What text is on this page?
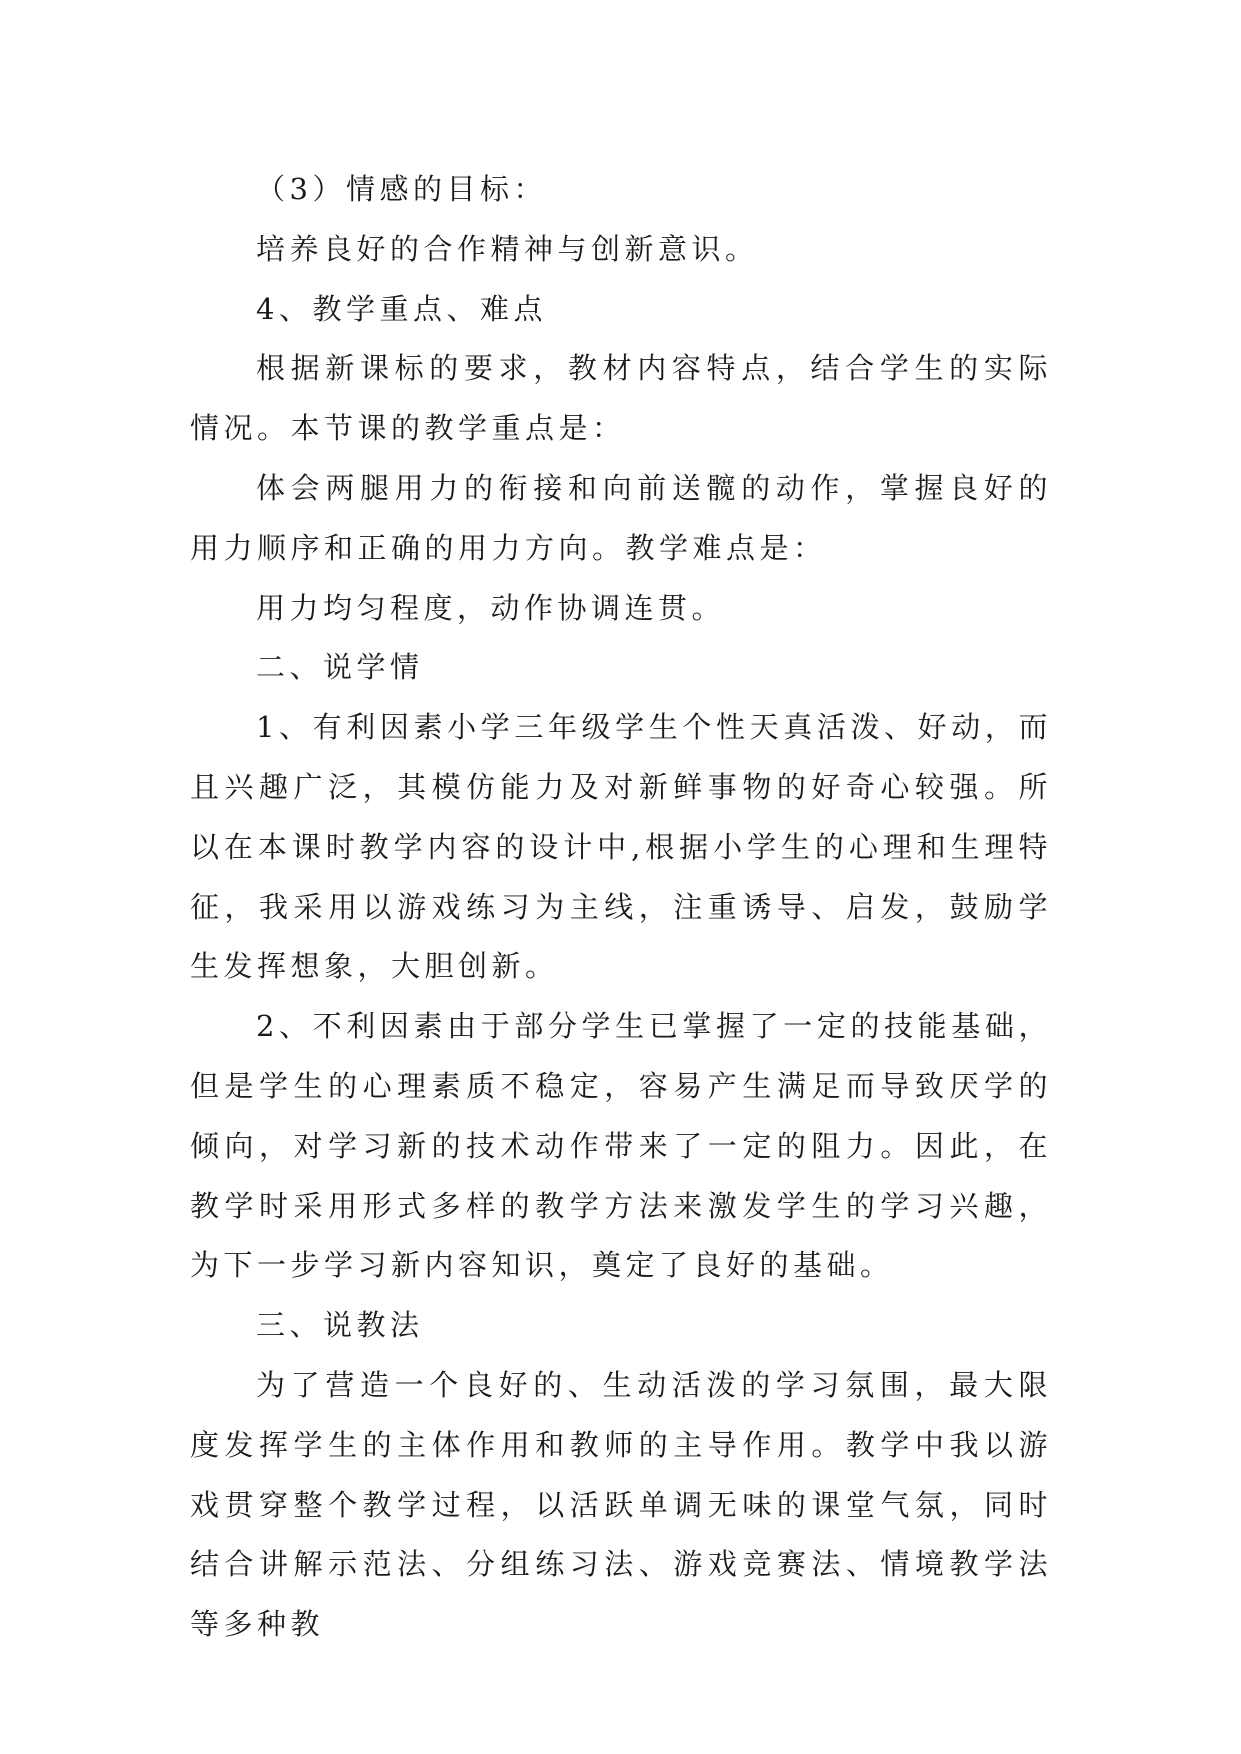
（3）情感的目标：

培养良好的合作精神与创新意识。

4、教学重点、难点

根据新课标的要求，教材内容特点，结合学生的实际情况。本节课的教学重点是：

体会两腿用力的衔接和向前送髋的动作，掌握良好的用力顺序和正确的用力方向。教学难点是：

用力均匀程度，动作协调连贯。

二、说学情

1、有利因素小学三年级学生个性天真活泼、好动，而且兴趣广泛，其模仿能力及对新鲜事物的好奇心较强。所以在本课时教学内容的设计中,根据小学生的心理和生理特征，我采用以游戏练习为主线，注重诱导、启发，鼓励学生发挥想象，大胆创新。

2、不利因素由于部分学生已掌握了一定的技能基础，但是学生的心理素质不稳定，容易产生满足而导致厌学的倾向，对学习新的技术动作带来了一定的阻力。因此，在教学时采用形式多样的教学方法来激发学生的学习兴趣，为下一步学习新内容知识，奠定了良好的基础。

三、说教法

为了营造一个良好的、生动活泼的学习氛围，最大限度发挥学生的主体作用和教师的主导作用。教学中我以游戏贯穿整个教学过程，以活跃单调无味的课堂气氛，同时结合讲解示范法、分组练习法、游戏竞赛法、情境教学法等多种教
